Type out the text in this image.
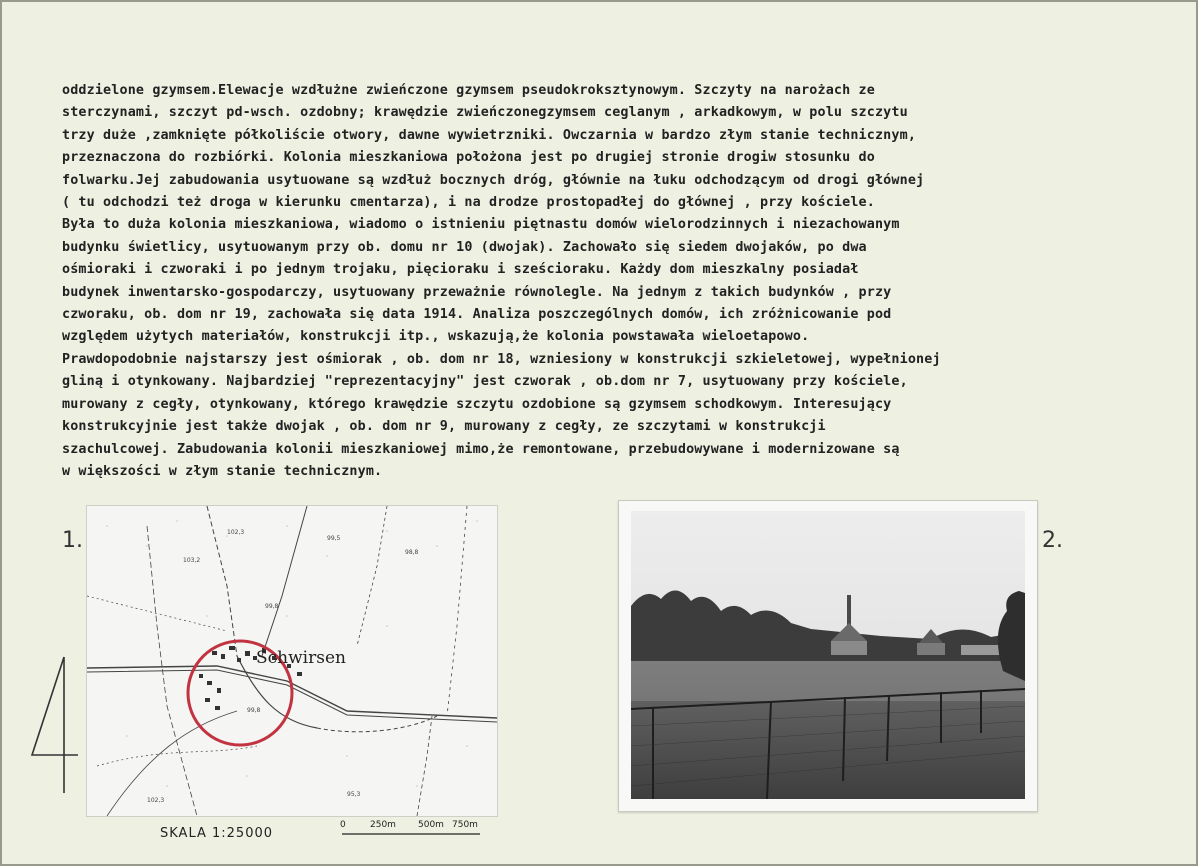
oddzielone gzymsem.Elewacje wzdłużne zwieńczone gzymsem pseudokroksztynowym. Szczyty na narożach ze
sterczynami, szczyt pd-wsch. ozdobny; krawędzie zwieńczonegzymsem ceglanym , arkadkowym, w polu szczytu
trzy duże ,zamknięte półkoliście otwory, dawne wywietrzniki. Owczarnia w bardzo złym stanie technicznym,
przeznaczona do rozbiórki. Kolonia mieszkaniowa położona jest po drugiej stronie drogiw stosunku do
folwarku.Jej zabudowania usytuowane są wzdłuż bocznych dróg, głównie na łuku odchodzącym od drogi głównej
( tu odchodzi też droga w kierunku cmentarza), i na drodze prostopadłej do głównej , przy kościele.
Była to duża kolonia mieszkaniowa, wiadomo o istnieniu piętnastu domów wielorodzinnych i niezachowanym
budynku świetlicy, usytuowanym przy ob. domu nr 10 (dwojak). Zachowało się siedem dwojaków, po dwa
ośmioraki i czworaki i po jednym trojaku, pięcioraku i sześcioraku. Każdy dom mieszkalny posiadał
budynek inwentarsko-gospodarczy, usytuowany przeważnie równolegle. Na jednym z takich budynków , przy
czworaku, ob. dom nr 19, zachowała się data 1914. Analiza poszczególnych domów, ich zróżnicowanie pod
względem użytych materiałów, konstrukcji itp., wskazują,że kolonia powstawała wieloetapowo.
Prawdopodobnie najstarszy jest ośmiorak , ob. dom nr 18, wzniesiony w konstrukcji szkieletowej, wypełnionej
gliną i otynkowany. Najbardziej "reprezentacyjny" jest czworak , ob.dom nr 7, usytuowany przy kościele,
murowany z cegły, otynkowany, którego krawędzie szczytu ozdobione są gzymsem schodkowym. Interesujący
konstrukcyjnie jest także dwojak , ob. dom nr 9, murowany z cegły, ze szczytami w konstrukcji
szachulcowej. Zabudowania kolonii mieszkaniowej mimo,że remontowane, przebudowywane i modernizowane są
w większości w złym stanie technicznym.
1.	2.
102,3
99,5
103,2
98,8
99,8
99,8
102,3
95,3
Schwirsen
SKALA 1:25000
0	250m 500m 750m
